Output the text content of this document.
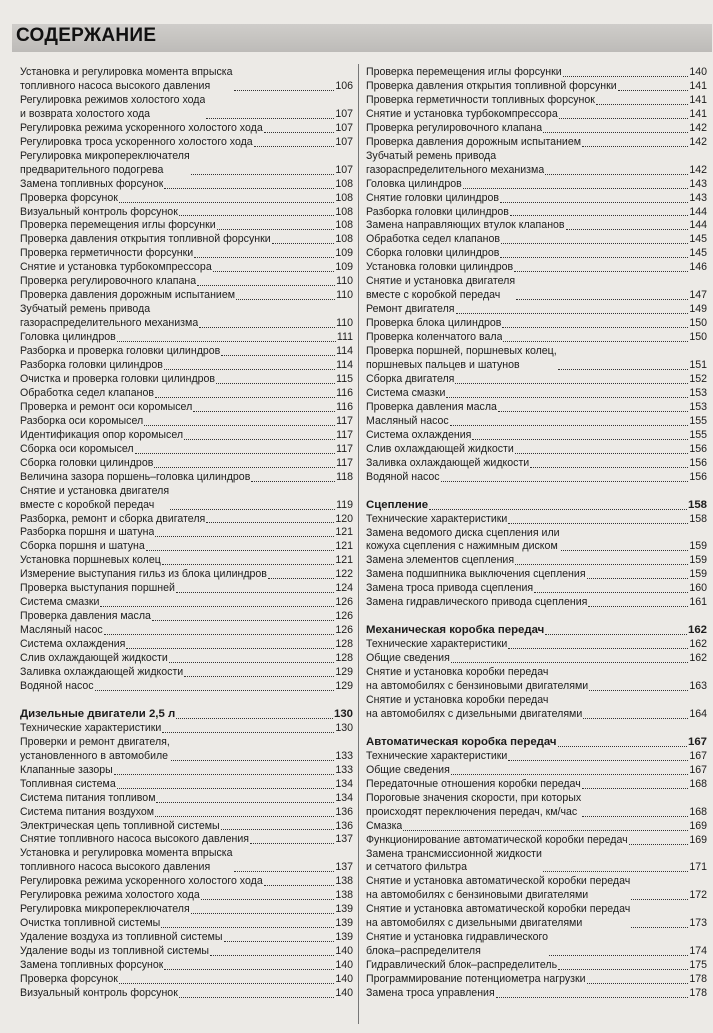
СОДЕРЖАНИЕ
Установка и регулировка момента впрыска
топливного насоса высокого давления	106
Регулировка режимов холостого хода
и возврата холостого хода	107
Регулировка режима ускоренного холостого хода	107
Регулировка троса ускоренного холостого хода	107
Регулировка микропереключателя
предварительного подогрева	107
Замена топливных форсунок	108
Проверка форсунок	108
Визуальный контроль форсунок	108
Проверка перемещения иглы форсунки	108
Проверка давления открытия топливной форсунки	108
Проверка герметичности форсунки	109
Снятие и установка турбокомпрессора	109
Проверка регулировочного клапана	110
Проверка давления дорожным испытанием	110
Зубчатый ремень привода
газораспределительного механизма	110
Головка цилиндров	111
Разборка и проверка головки цилиндров	114
Разборка головки цилиндров	114
Очистка и проверка головки цилиндров	115
Обработка седел клапанов	116
Проверка и ремонт оси коромысел	116
Разборка оси коромысел	117
Идентификация опор коромысел	117
Сборка оси коромысел	117
Сборка головки цилиндров	117
Величина зазора поршень–головка цилиндров	118
Снятие и установка двигателя
вместе с коробкой передач	119
Разборка, ремонт и сборка двигателя	120
Разборка поршня и шатуна	121
Сборка поршня и шатуна	121
Установка поршневых колец	121
Измерение выступания гильз из блока цилиндров	122
Проверка выступания поршней	124
Система смазки	126
Проверка давления масла	126
Масляный насос	126
Система охлаждения	128
Слив охлаждающей жидкости	128
Заливка охлаждающей жидкости	129
Водяной насос	129
Дизельные двигатели 2,5 л	130
Технические характеристики	130
Проверки и ремонт двигателя,
установленного в автомобиле	133
Клапанные зазоры	133
Топливная система	134
Система питания топливом	134
Система питания воздухом	136
Электрическая цепь топливной системы	136
Снятие топливного насоса высокого давления	137
Установка и регулировка момента впрыска
топливного насоса высокого давления	137
Регулировка режима ускоренного холостого хода	138
Регулировка режима холостого хода	138
Регулировка микропереключателя	139
Очистка топливной системы	139
Удаление воздуха из топливной системы	139
Удаление воды из топливной системы	140
Замена топливных форсунок	140
Проверка форсунок	140
Визуальный контроль форсунок	140
Проверка перемещения иглы форсунки	140
Проверка давления открытия топливной форсунки	141
Проверка герметичности топливных форсунок	141
Снятие и установка турбокомпрессора	141
Проверка регулировочного клапана	142
Проверка давления дорожным испытанием	142
Зубчатый ремень привода
газораспределительного механизма	142
Головка цилиндров	143
Снятие головки цилиндров	143
Разборка головки цилиндров	144
Замена направляющих втулок клапанов	144
Обработка седел клапанов	145
Сборка головки цилиндров	145
Установка головки цилиндров	146
Снятие и установка двигателя
вместе с коробкой передач	147
Ремонт двигателя	149
Проверка блока цилиндров	150
Проверка коленчатого вала	150
Проверка поршней, поршневых колец,
поршневых пальцев и шатунов	151
Сборка двигателя	152
Система смазки	153
Проверка давления масла	153
Масляный насос	155
Система охлаждения	155
Слив охлаждающей жидкости	156
Заливка охлаждающей жидкости	156
Водяной насос	156
Сцепление	158
Технические характеристики	158
Замена ведомого диска сцепления или
кожуха сцепления с нажимным диском	159
Замена элементов сцепления	159
Замена подшипника выключения сцепления	159
Замена троса привода сцепления	160
Замена гидравлического привода сцепления	161
Механическая коробка передач	162
Технические характеристики	162
Общие сведения	162
Снятие и установка коробки передач
на автомобилях с бензиновыми двигателями	163
Снятие и установка коробки передач
на автомобилях с дизельными двигателями	164
Автоматическая коробка передач	167
Технические характеристики	167
Общие сведения	167
Передаточные отношения коробки передач	168
Пороговые значения скорости, при которых
происходят переключения передач, км/час	168
Смазка	169
Функционирование автоматической коробки передач	169
Замена трансмиссионной жидкости
и сетчатого фильтра	171
Снятие и установка автоматической коробки передач
на автомобилях с бензиновыми двигателями	172
Снятие и установка автоматической коробки передач
на автомобилях с дизельными двигателями	173
Снятие и установка гидравлического
блока–распределителя	174
Гидравлический блок–распределитель	175
Программирование потенциометра нагрузки	178
Замена троса управления	178
